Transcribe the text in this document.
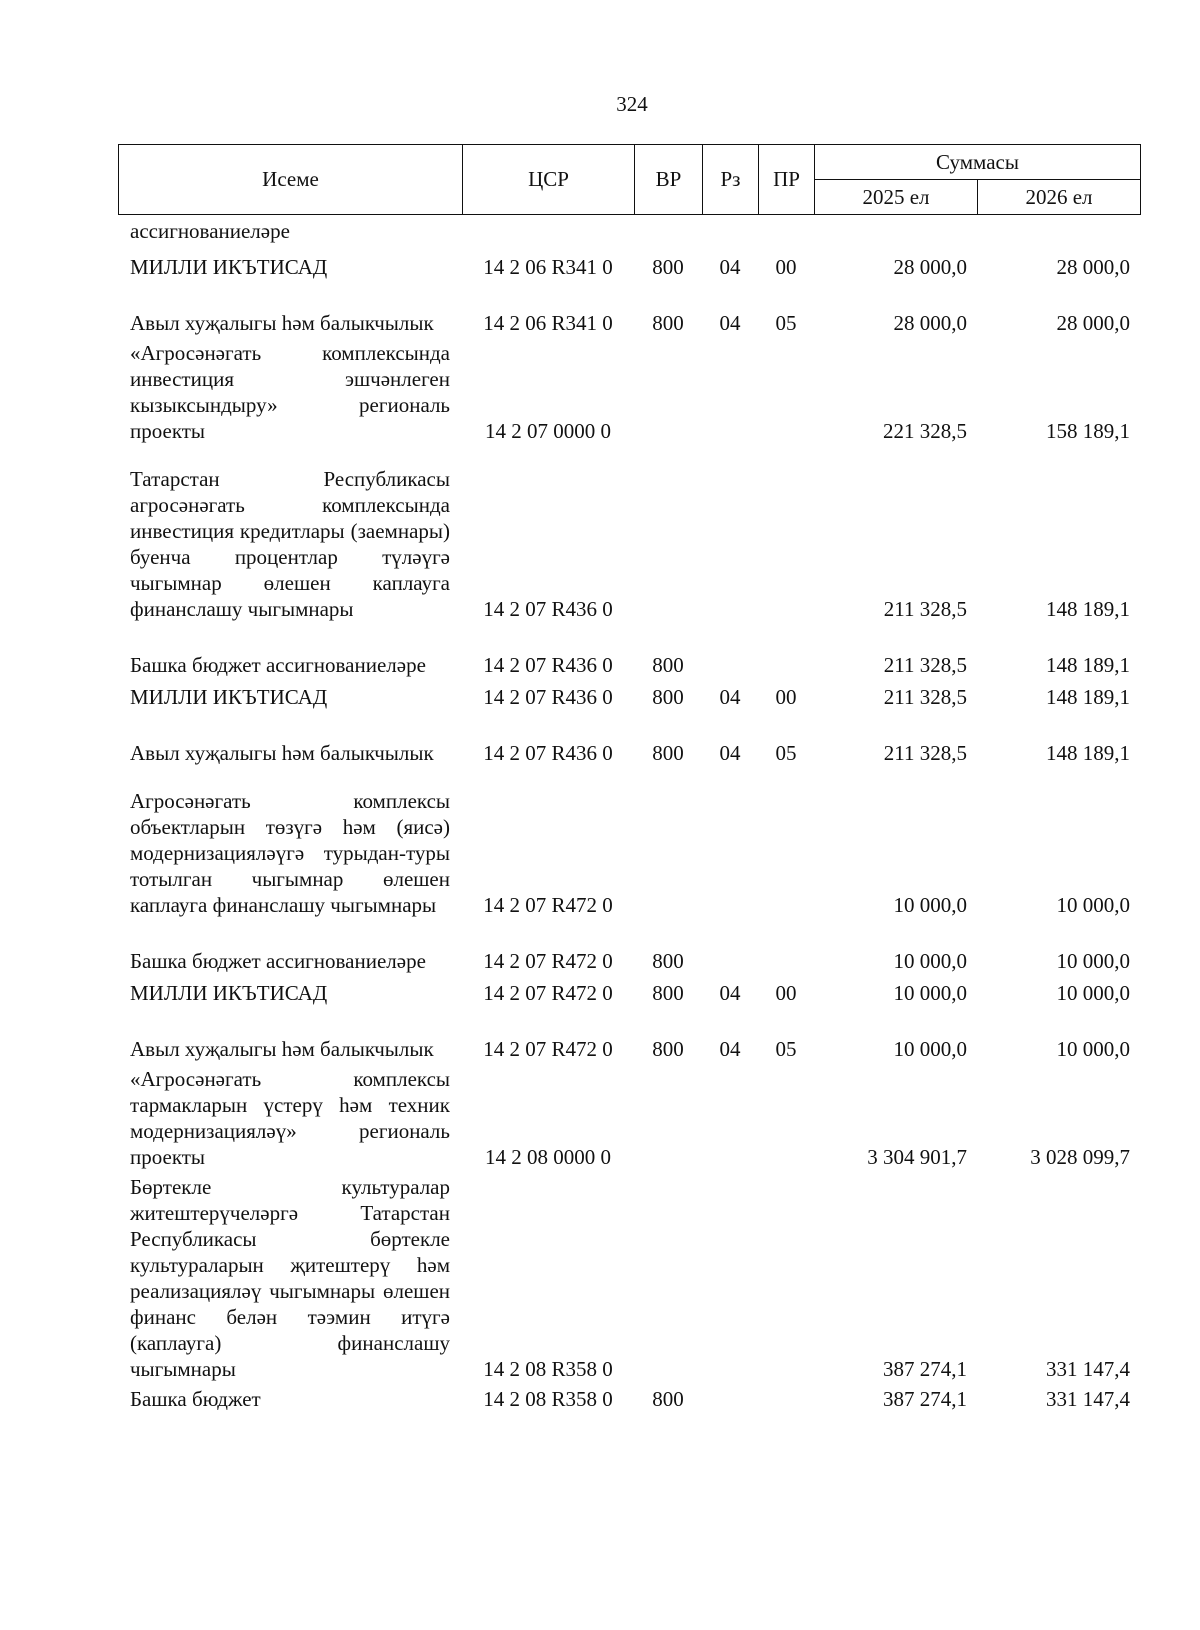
324
Исеме	ЦСР	ВР	Рз	ПР	Суммасы	
					2025 ел	2026 ел
ассигнованиеләре						
МИЛЛИ ИКЪТИСАД	14 2 06 R341 0	800	04	00	28 000,0	28 000,0
Авыл хуҗалыгы һәм балыкчылык	14 2 06 R341 0	800	04	05	28 000,0	28 000,0
«Агросәнәгать комплексында инвестиция эшчәнлеген кызыксындыру» региональ проекты	14 2 07 0000 0				221 328,5	158 189,1
Татарстан Республикасы агросәнәгать комплексында инвестиция кредитлары (заемнары) буенча процентлар түләүгә чыгымнар өлешен каплауга финанслашу чыгымнары	14 2 07 R436 0				211 328,5	148 189,1
Башка бюджет ассигнованиеләре	14 2 07 R436 0	800			211 328,5	148 189,1
МИЛЛИ ИКЪТИСАД	14 2 07 R436 0	800	04	00	211 328,5	148 189,1
Авыл хуҗалыгы һәм балыкчылык	14 2 07 R436 0	800	04	05	211 328,5	148 189,1
Агросәнәгать комплексы объектларын төзүгә һәм (яисә) модернизацияләүгә турыдан-туры тотылган чыгымнар өлешен каплауга финанслашу чыгымнары	14 2 07 R472 0				10 000,0	10 000,0
Башка бюджет ассигнованиеләре	14 2 07 R472 0	800			10 000,0	10 000,0
МИЛЛИ ИКЪТИСАД	14 2 07 R472 0	800	04	00	10 000,0	10 000,0
Авыл хуҗалыгы һәм балыкчылык	14 2 07 R472 0	800	04	05	10 000,0	10 000,0
«Агросәнәгать комплексы тармакларын үстерү һәм техник модернизацияләү» региональ проекты	14 2 08 0000 0				3 304 901,7	3 028 099,7
Бөртекле культуралар житештерүчеләргә Татарстан Республикасы бөртекле культураларын җитештерү һәм реализацияләү чыгымнары өлешен финанс белән тәэмин итүгә (каплауга) финанслашу чыгымнары	14 2 08 R358 0				387 274,1	331 147,4
Башка бюджет	14 2 08 R358 0	800			387 274,1	331 147,4
